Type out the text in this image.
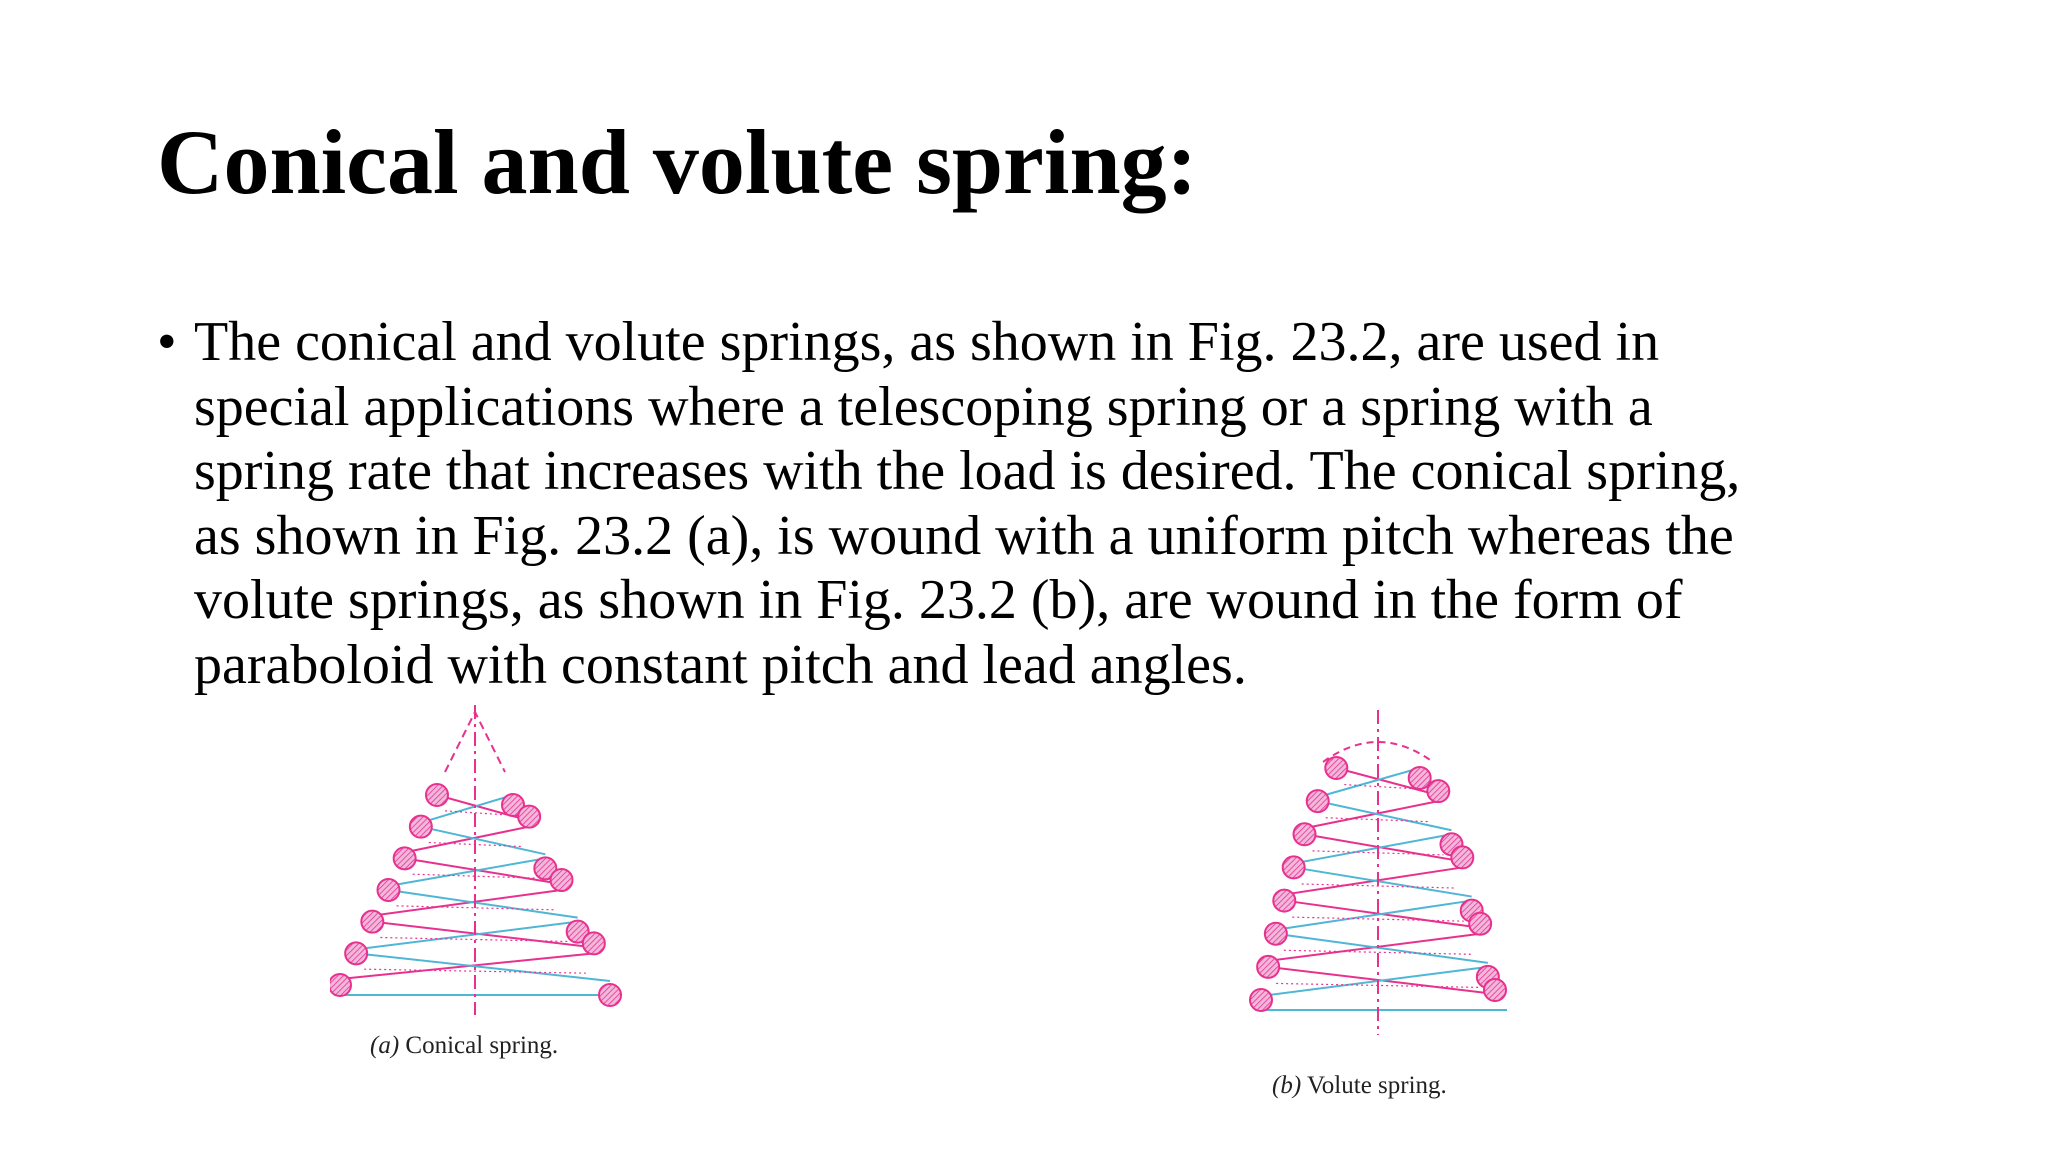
Conical and volute spring:
• The conical and volute springs, as shown in Fig. 23.2, are used in
special applications where a telescoping spring or a spring with a
spring rate that increases with the load is desired. The conical spring,
as shown in Fig. 23.2 (a), is wound with a uniform pitch whereas the
volute springs, as shown in Fig. 23.2 (b), are wound in the form of
paraboloid with constant pitch and lead angles.
(a) Conical spring.
(b) Volute spring.
